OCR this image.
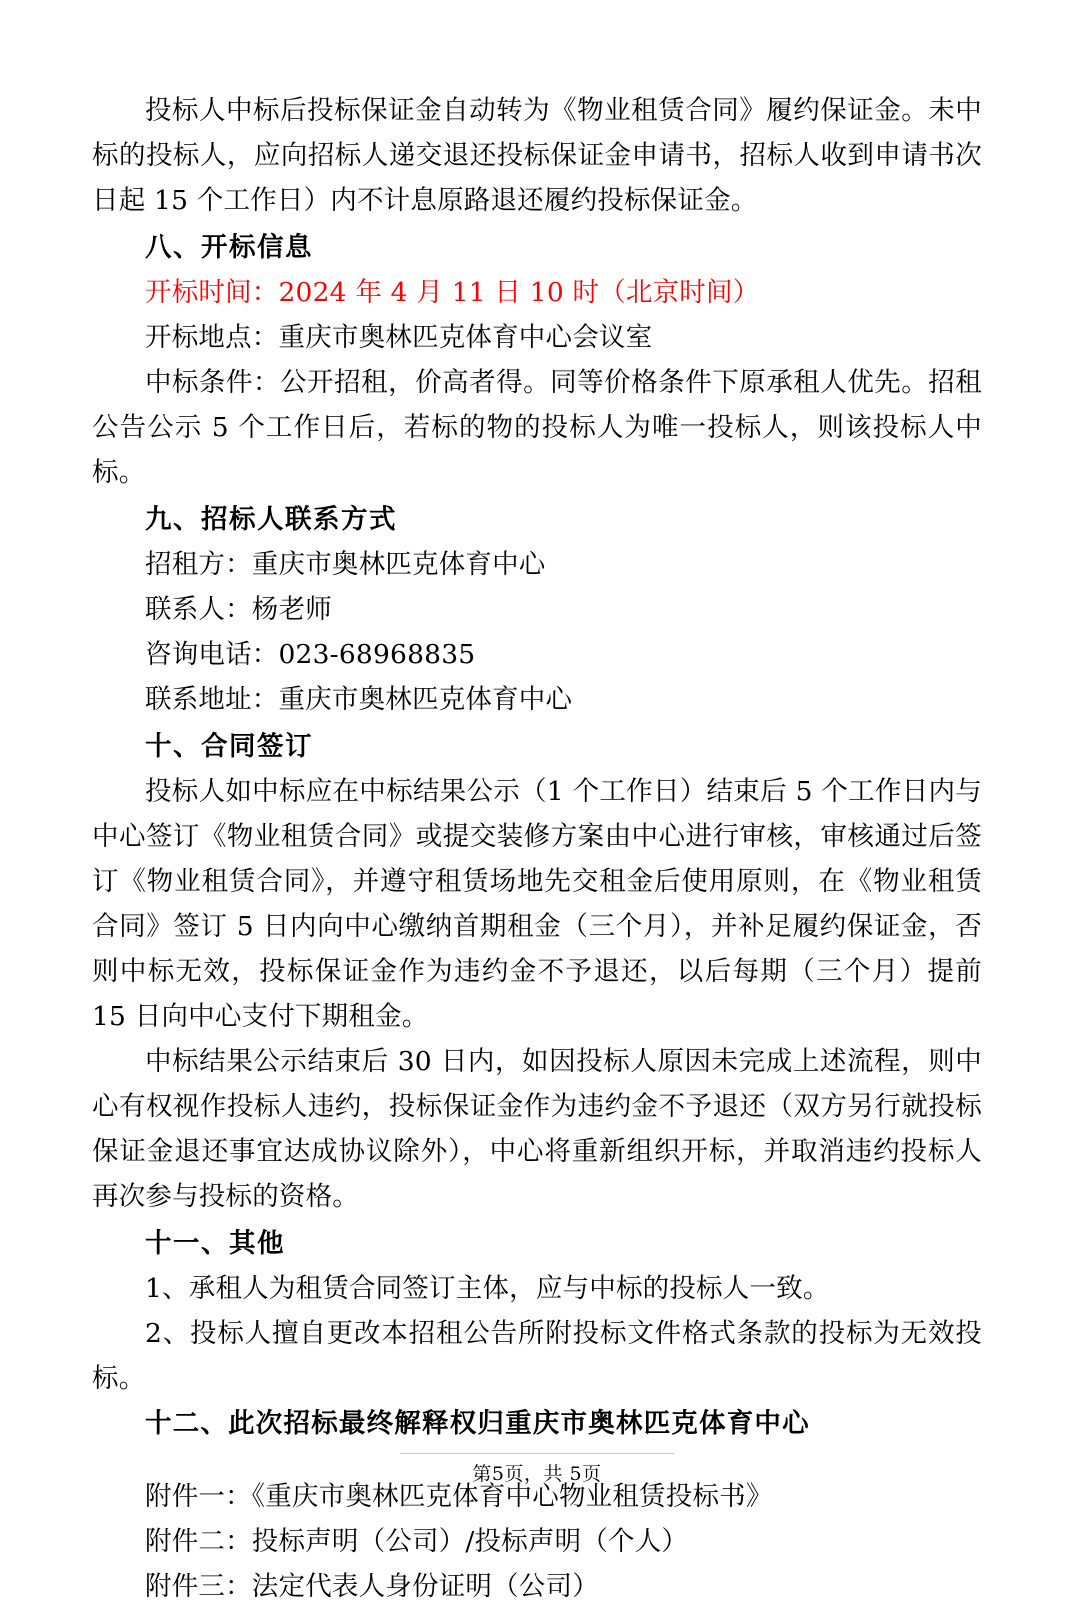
投标人中标后投标保证金自动转为《物业租赁合同》履约保证金。未中标的投标人，应向招标人递交退还投标保证金申请书，招标人收到申请书次日起 15 个工作日）内不计息原路退还履约投标保证金。

八、开标信息

开标时间：2024 年 4 月 11 日 10 时（北京时间）

开标地点：重庆市奥林匹克体育中心会议室

中标条件：公开招租，价高者得。同等价格条件下原承租人优先。招租公告公示 5 个工作日后，若标的物的投标人为唯一投标人，则该投标人中标。

九、招标人联系方式

招租方：重庆市奥林匹克体育中心

联系人：杨老师

咨询电话：023-68968835

联系地址：重庆市奥林匹克体育中心

十、合同签订

投标人如中标应在中标结果公示（1 个工作日）结束后 5 个工作日内与中心签订《物业租赁合同》或提交装修方案由中心进行审核，审核通过后签订《物业租赁合同》，并遵守租赁场地先交租金后使用原则，在《物业租赁合同》签订 5 日内向中心缴纳首期租金（三个月），并补足履约保证金，否则中标无效，投标保证金作为违约金不予退还，以后每期（三个月）提前 15 日向中心支付下期租金。

中标结果公示结束后 30 日内，如因投标人原因未完成上述流程，则中心有权视作投标人违约，投标保证金作为违约金不予退还（双方另行就投标保证金退还事宜达成协议除外），中心将重新组织开标，并取消违约投标人再次参与投标的资格。

十一、其他

1、承租人为租赁合同签订主体，应与中标的投标人一致。

2、投标人擅自更改本招租公告所附投标文件格式条款的投标为无效投标。

十二、此次招标最终解释权归重庆市奥林匹克体育中心

附件一：《重庆市奥林匹克体育中心物业租赁投标书》

附件二：投标声明（公司）/投标声明（个人）

附件三：法定代表人身份证明（公司）

第5页，共 5页
